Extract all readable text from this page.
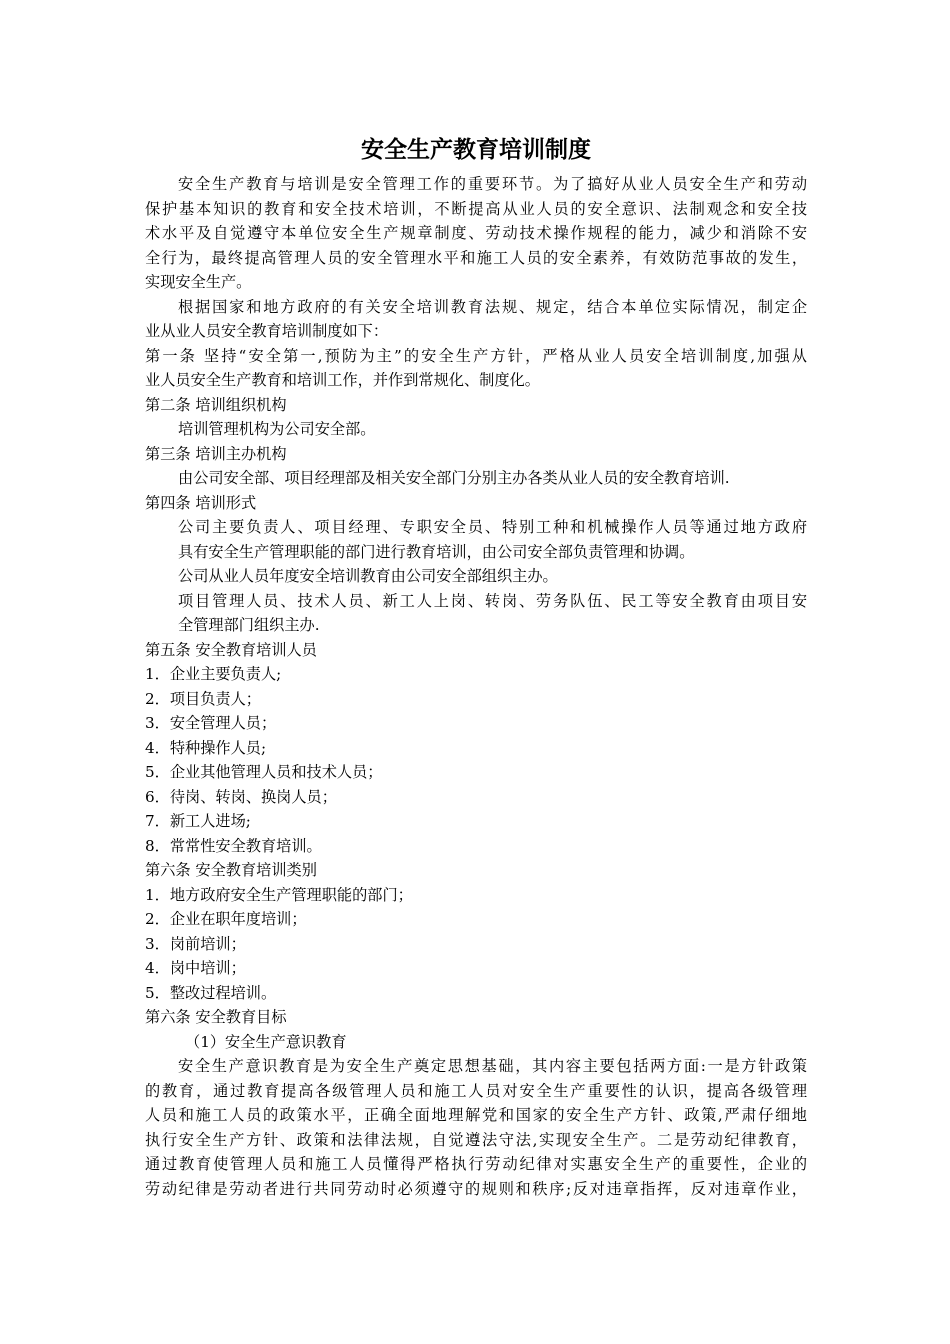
安全生产教育培训制度
安全生产教育与培训是安全管理工作的重要环节。为了搞好从业人员安全生产和劳动
保护基本知识的教育和安全技术培训，不断提高从业人员的安全意识、法制观念和安全技
术水平及自觉遵守本单位安全生产规章制度、劳动技术操作规程的能力，减少和消除不安
全行为，最终提高管理人员的安全管理水平和施工人员的安全素养，有效防范事故的发生，
实现安全生产。
根据国家和地方政府的有关安全培训教育法规、规定，结合本单位实际情况，制定企
业从业人员安全教育培训制度如下：
第一条 坚持“安全第一,预防为主”的安全生产方针，严格从业人员安全培训制度,加强从
业人员安全生产教育和培训工作，并作到常规化、制度化。
第二条 培训组织机构
培训管理机构为公司安全部。
第三条 培训主办机构
由公司安全部、项目经理部及相关安全部门分别主办各类从业人员的安全教育培训.
第四条 培训形式
公司主要负责人、项目经理、专职安全员、特别工种和机械操作人员等通过地方政府
具有安全生产管理职能的部门进行教育培训，由公司安全部负责管理和协调。
公司从业人员年度安全培训教育由公司安全部组织主办。
项目管理人员、技术人员、新工人上岗、转岗、劳务队伍、民工等安全教育由项目安
全管理部门组织主办.
第五条 安全教育培训人员
1．企业主要负责人;
2．项目负责人；
3．安全管理人员；
4．特种操作人员;
5．企业其他管理人员和技术人员；
6．待岗、转岗、换岗人员；
7．新工人进场;
8．常常性安全教育培训。
第六条 安全教育培训类别
1．地方政府安全生产管理职能的部门；
2．企业在职年度培训；
3．岗前培训；
4．岗中培训；
5．整改过程培训。
第六条 安全教育目标
（1）安全生产意识教育
安全生产意识教育是为安全生产奠定思想基础，其内容主要包括两方面:一是方针政策
的教育，通过教育提高各级管理人员和施工人员对安全生产重要性的认识，提高各级管理
人员和施工人员的政策水平，正确全面地理解党和国家的安全生产方针、政策,严肃仔细地
执行安全生产方针、政策和法律法规，自觉遵法守法,实现安全生产。二是劳动纪律教育，
通过教育使管理人员和施工人员懂得严格执行劳动纪律对实惠安全生产的重要性，企业的
劳动纪律是劳动者进行共同劳动时必须遵守的规则和秩序;反对违章指挥，反对违章作业，
